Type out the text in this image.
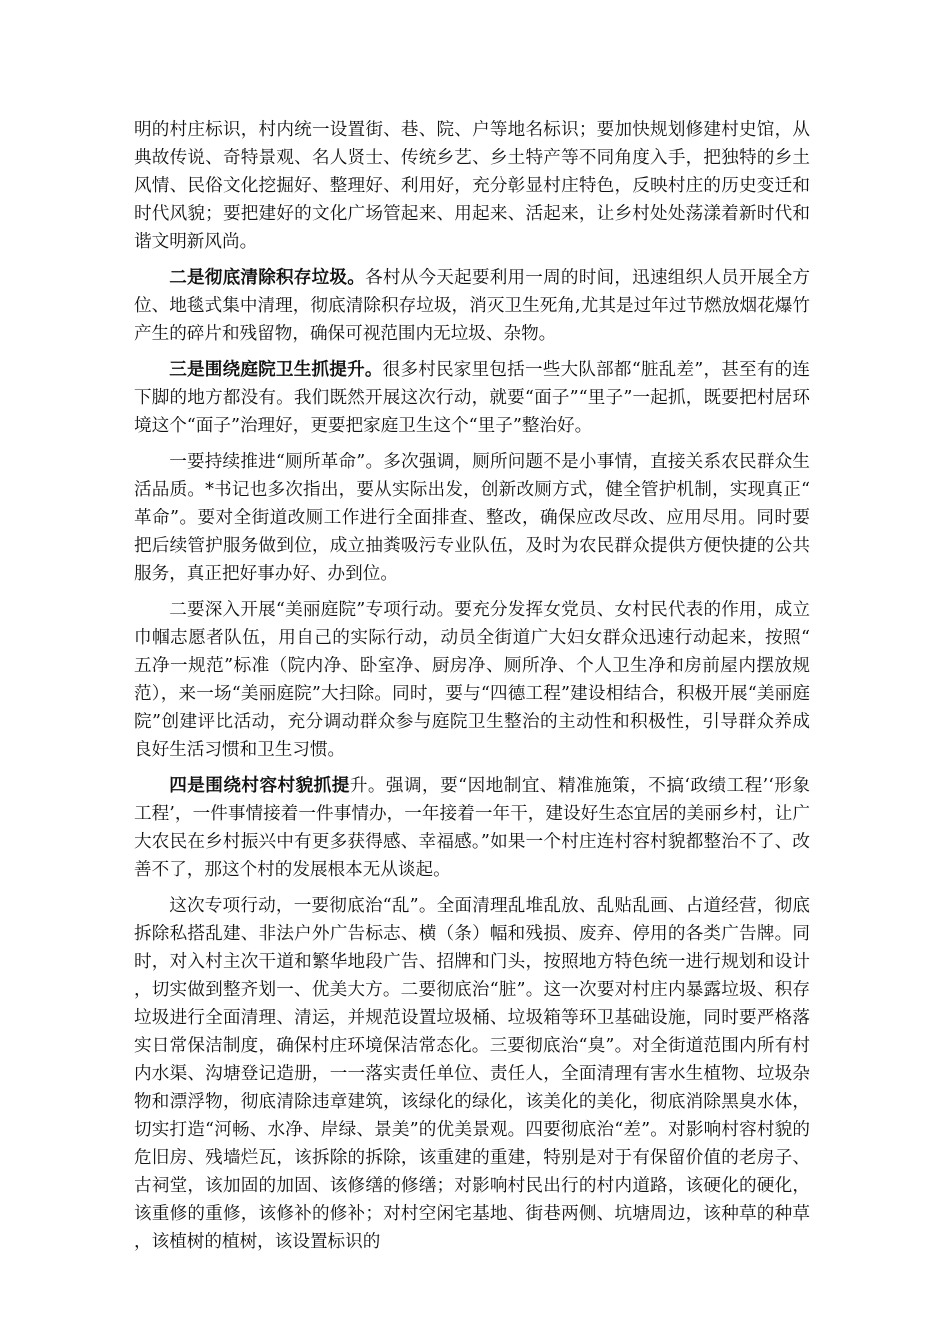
明的村庄标识，村内统一设置街、巷、院、户等地名标识；要加快规划修建村史馆，从典故传说、奇特景观、名人贤士、传统乡艺、乡土特产等不同角度入手，把独特的乡土风情、民俗文化挖掘好、整理好、利用好，充分彰显村庄特色，反映村庄的历史变迁和时代风貌；要把建好的文化广场管起来、用起来、活起来，让乡村处处荡漾着新时代和谐文明新风尚。

二是彻底清除积存垃圾。各村从今天起要利用一周的时间，迅速组织人员开展全方位、地毯式集中清理，彻底清除积存垃圾，消灭卫生死角,尤其是过年过节燃放烟花爆竹产生的碎片和残留物，确保可视范围内无垃圾、杂物。

三是围绕庭院卫生抓提升。很多村民家里包括一些大队部都“脏乱差”，甚至有的连下脚的地方都没有。我们既然开展这次行动，就要“面子”“里子”一起抓，既要把村居环境这个“面子”治理好，更要把家庭卫生这个“里子”整治好。

一要持续推进“厕所革命”。多次强调，厕所问题不是小事情，直接关系农民群众生活品质。*书记也多次指出，要从实际出发，创新改厕方式，健全管护机制，实现真正“革命”。要对全街道改厕工作进行全面排查、整改，确保应改尽改、应用尽用。同时要把后续管护服务做到位，成立抽粪吸污专业队伍，及时为农民群众提供方便快捷的公共服务，真正把好事办好、办到位。

二要深入开展“美丽庭院”专项行动。要充分发挥女党员、女村民代表的作用，成立巾帼志愿者队伍，用自己的实际行动，动员全街道广大妇女群众迅速行动起来，按照“五净一规范”标准（院内净、卧室净、厨房净、厕所净、个人卫生净和房前屋内摆放规范），来一场“美丽庭院”大扫除。同时，要与“四德工程”建设相结合，积极开展“美丽庭院”创建评比活动，充分调动群众参与庭院卫生整治的主动性和积极性，引导群众养成良好生活习惯和卫生习惯。

四是围绕村容村貌抓提升。强调，要“因地制宜、精准施策，不搞‘政绩工程’‘形象工程’，一件事情接着一件事情办，一年接着一年干，建设好生态宜居的美丽乡村，让广大农民在乡村振兴中有更多获得感、幸福感。”如果一个村庄连村容村貌都整治不了、改善不了，那这个村的发展根本无从谈起。

这次专项行动，一要彻底治“乱”。全面清理乱堆乱放、乱贴乱画、占道经营，彻底拆除私搭乱建、非法户外广告标志、横（条）幅和残损、废弃、停用的各类广告牌。同时，对入村主次干道和繁华地段广告、招牌和门头，按照地方特色统一进行规划和设计，切实做到整齐划一、优美大方。二要彻底治“脏”。这一次要对村庄内暴露垃圾、积存垃圾进行全面清理、清运，并规范设置垃圾桶、垃圾箱等环卫基础设施，同时要严格落实日常保洁制度，确保村庄环境保洁常态化。三要彻底治“臭”。对全街道范围内所有村内水渠、沟塘登记造册，一一落实责任单位、责任人，全面清理有害水生植物、垃圾杂物和漂浮物，彻底清除违章建筑，该绿化的绿化，该美化的美化，彻底消除黑臭水体，切实打造“河畅、水净、岸绿、景美”的优美景观。四要彻底治“差”。对影响村容村貌的危旧房、残墙烂瓦，该拆除的拆除，该重建的重建，特别是对于有保留价值的老房子、古祠堂，该加固的加固、该修缮的修缮；对影响村民出行的村内道路，该硬化的硬化，该重修的重修，该修补的修补；对村空闲宅基地、街巷两侧、坑塘周边，该种草的种草，该植树的植树，该设置标识的
